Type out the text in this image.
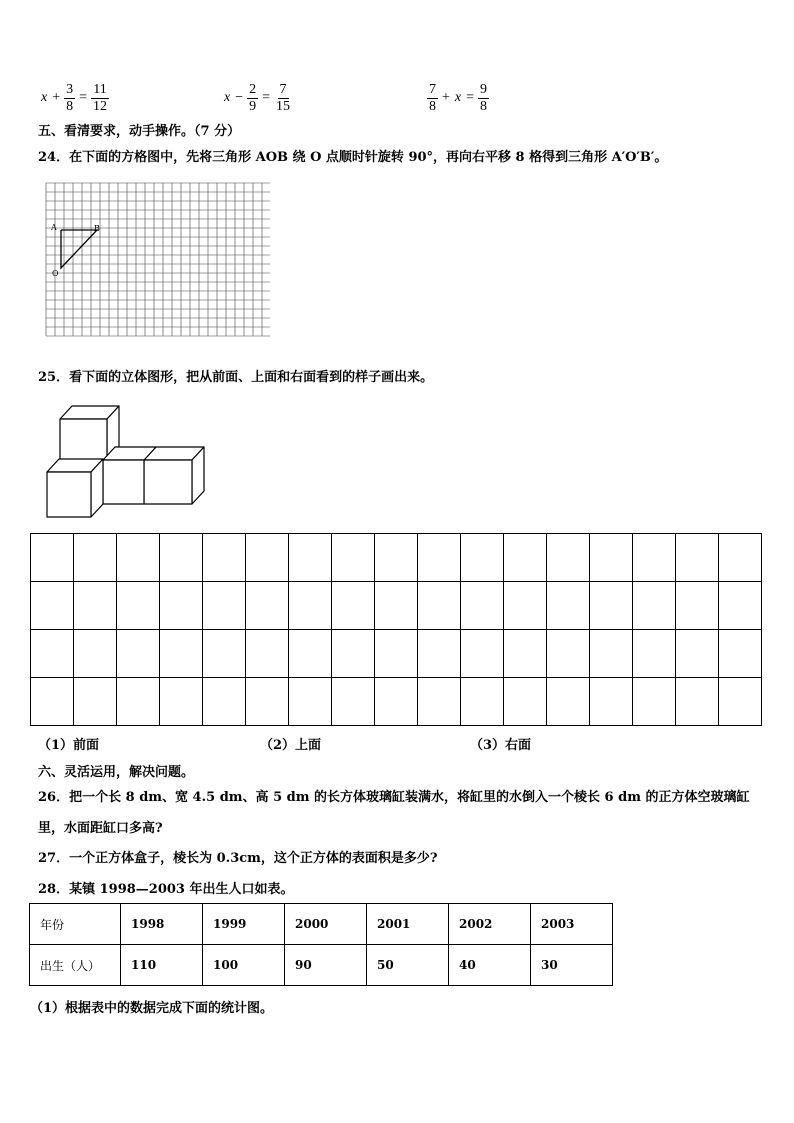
$x + \frac{3}{8} = \frac{11}{12}$	$x - \frac{2}{9} = \frac{7}{15}$	$\frac{7}{8} + x = \frac{9}{8}$
五、看清要求，动手操作。（7 分）
24．在下面的方格图中，先将三角形 AOB 绕 O 点顺时针旋转 90°，再向右平移 8 格得到三角形 A′O′B′。
A	B
O
25．看下面的立体图形，把从前面、上面和右面看到的样子画出来。

（1）前面	（2）上面	（3）右面
六、灵活运用，解决问题。
26．把一个长 8 dm、宽 4.5 dm、高 5 dm 的长方体玻璃缸装满水，将缸里的水倒入一个棱长 6 dm 的正方体空玻璃缸
里，水面距缸口多高?
27．一个正方体盒子，棱长为 0.3cm，这个正方体的表面积是多少?
28．某镇 1998—2003 年出生人口如表。
年份	1998	1999	2000	2001	2002	2003
出生（人）	110	100	90	50	40	30
（1）根据表中的数据完成下面的统计图。
